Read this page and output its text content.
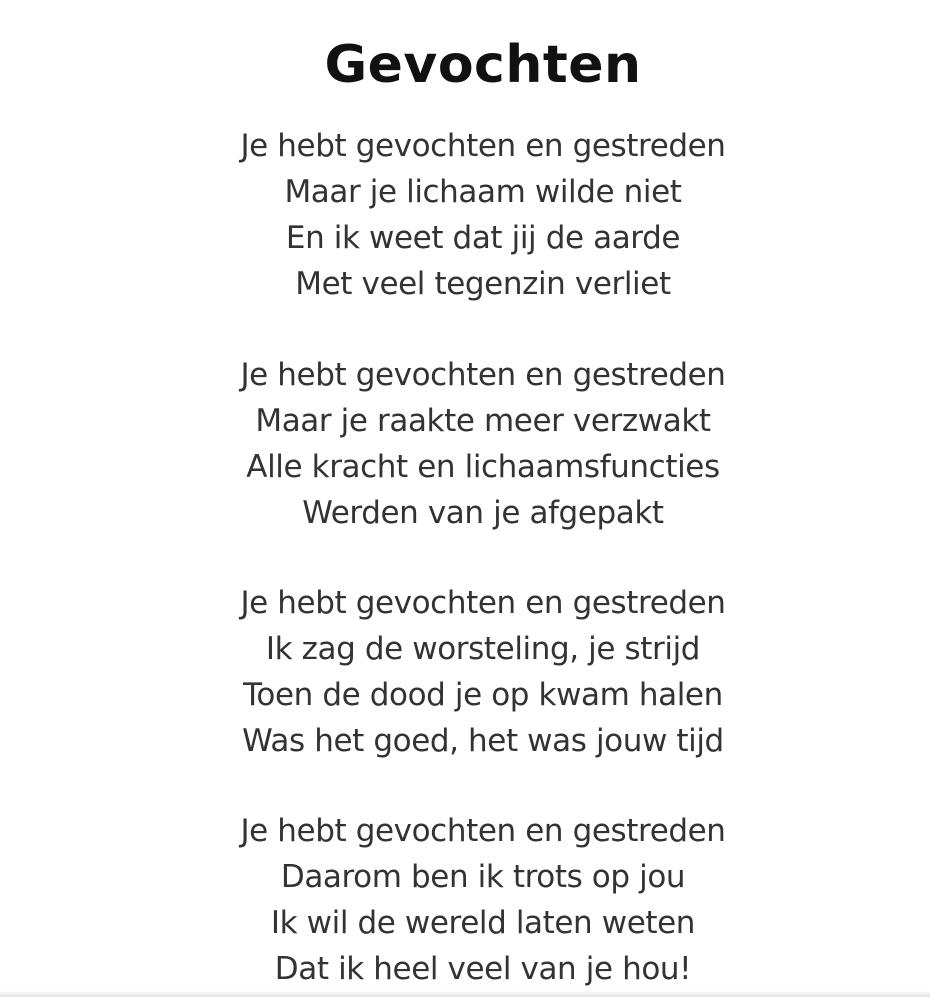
Gevochten
Je hebt gevochten en gestreden
Maar je lichaam wilde niet
En ik weet dat jij de aarde
Met veel tegenzin verliet
Je hebt gevochten en gestreden
Maar je raakte meer verzwakt
Alle kracht en lichaamsfuncties
Werden van je afgepakt
Je hebt gevochten en gestreden
Ik zag de worsteling, je strijd
Toen de dood je op kwam halen
Was het goed, het was jouw tijd
Je hebt gevochten en gestreden
Daarom ben ik trots op jou
Ik wil de wereld laten weten
Dat ik heel veel van je hou!
